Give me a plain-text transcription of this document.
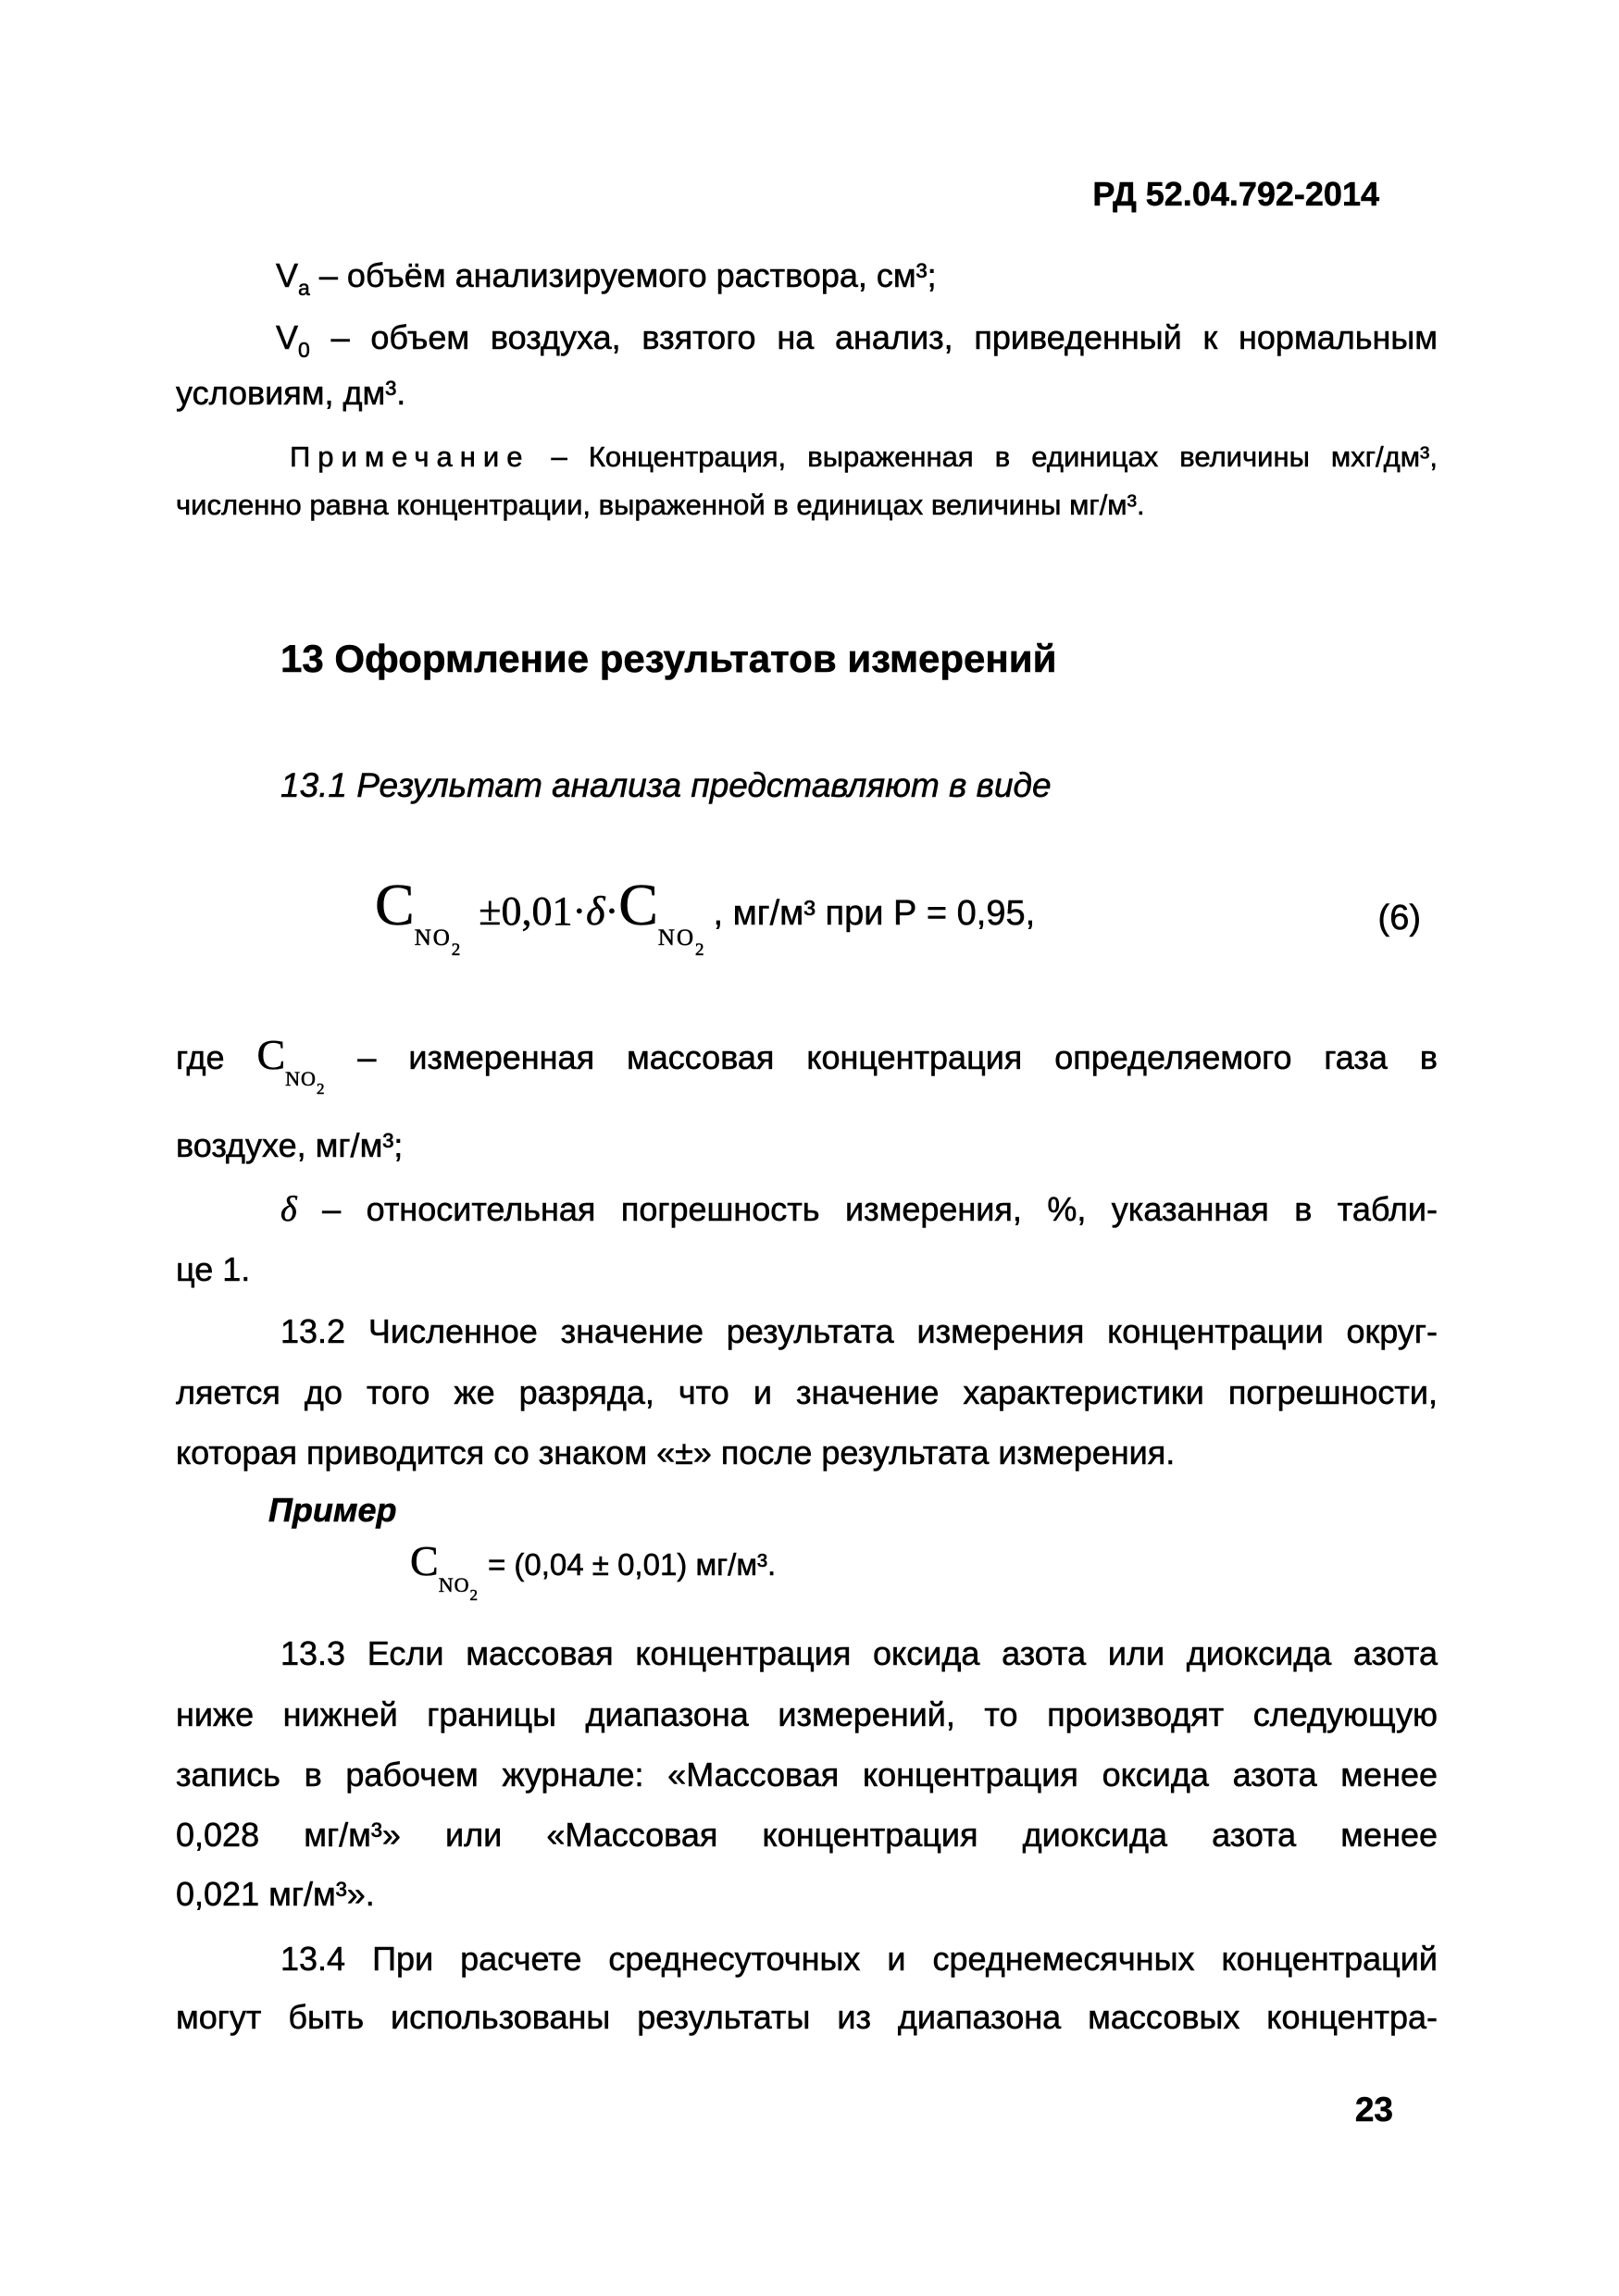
РД 52.04.792-2014
$V_а$ – объём анализируемого раствора, см³;
$V_0$ – объем воздуха, взятого на анализ, приведенный к нормальным
условиям, дм³.
Примечание – Концентрация, выраженная в единицах величины мхг/дм³,
численно равна концентрации, выраженной в единицах величины мг/м³.
13 Оформление результатов измерений
13.1 Результат анализа представляют в виде
$C_{NO_2}\pm 0,01\cdot\delta\cdot C_{NO_2}$, мг/м³ при Р = 0,95,	(6)
где $C_{NO_2}$ – измеренная массовая концентрация определяемого газа в
воздухе, мг/м³;
δ – относительная погрешность измерения, %, указанная в табли-
це 1.
13.2 Численное значение результата измерения концентрации округ-
ляется до того же разряда, что и значение характеристики погрешности,
которая приводится со знаком «±» после результата измерения.
Пример
$C_{NO_2}= (0,04 \pm 0,01)$ мг/м³.
13.3 Если массовая концентрация оксида азота или диоксида азота
ниже нижней границы диапазона измерений, то производят следующую
запись в рабочем журнале: «Массовая концентрация оксида азота менее
0,028 мг/м³» или «Массовая концентрация диоксида азота менее
0,021 мг/м³».
13.4 При расчете среднесуточных и среднемесячных концентраций
могут быть использованы результаты из диапазона массовых концентра-
23
